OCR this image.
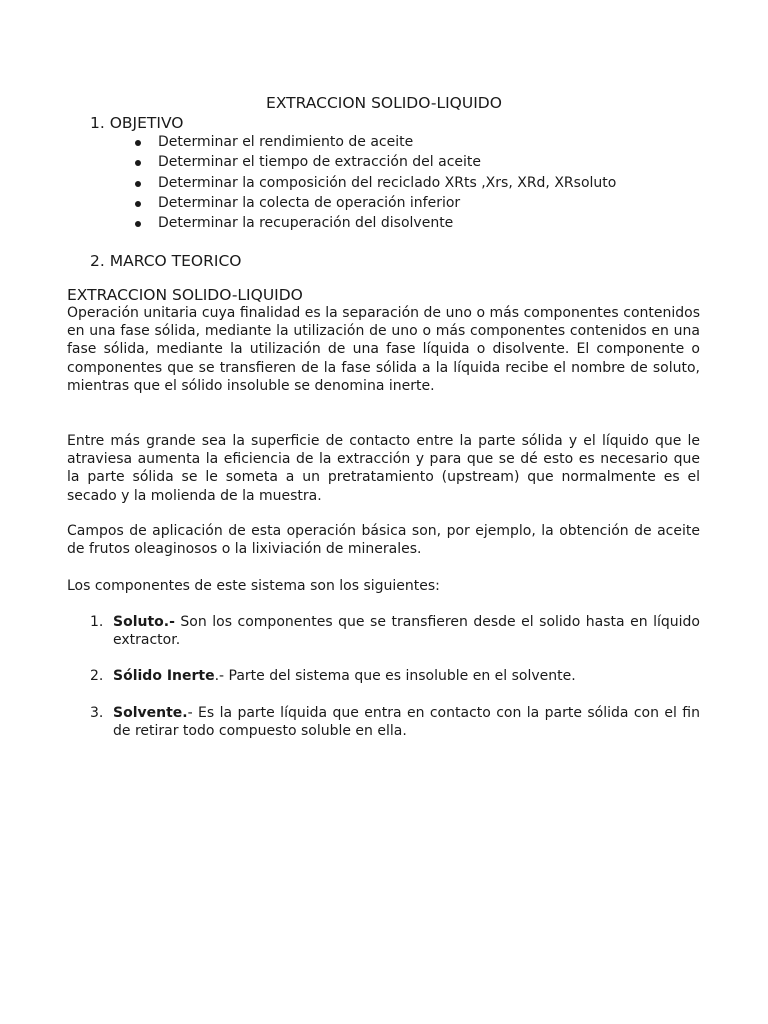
EXTRACCION SOLIDO-LIQUIDO
1. OBJETIVO
Determinar el rendimiento de aceite
Determinar el tiempo de extracción del aceite
Determinar la composición del reciclado XRts ,Xrs, XRd, XRsoluto
Determinar la colecta de operación inferior
Determinar la recuperación del disolvente
2. MARCO TEORICO
EXTRACCION SOLIDO-LIQUIDO

Operación unitaria cuya finalidad es la separación de uno o más componentes contenidos en una fase sólida, mediante la utilización de uno o más componentes contenidos en una fase sólida, mediante la utilización de una fase líquida o disolvente. El componente o componentes que se transfieren de la fase sólida a la líquida recibe el nombre de soluto, mientras que el sólido insoluble se denomina inerte.

Entre más grande sea la superficie de contacto entre la parte sólida y el líquido que le atraviesa aumenta la eficiencia de la extracción y para que se dé esto es necesario que la parte sólida se le someta a un pretratamiento (upstream) que normalmente es el secado y la molienda de la muestra.

Campos de aplicación de esta operación básica son, por ejemplo, la obtención de aceite de frutos oleaginosos o la lixiviación de minerales.

Los componentes de este sistema son los siguientes:

1. Soluto.- Son los componentes que se transfieren desde el solido hasta en líquido extractor.
2. Sólido Inerte.- Parte del sistema que es insoluble en el solvente.
3. Solvente.- Es la parte líquida que entra en contacto con la parte sólida con el fin de retirar todo compuesto soluble en ella.
